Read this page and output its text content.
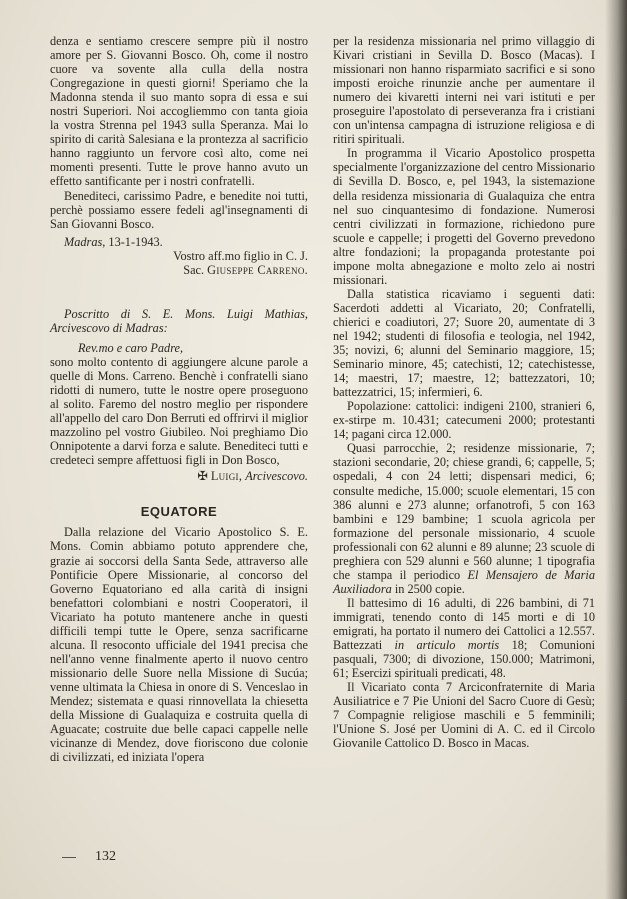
denza e sentiamo crescere sempre più il nostro amore per S. Giovanni Bosco. Oh, come il nostro cuore va sovente alla culla della nostra Congregazione in questi giorni! Speriamo che la Madonna stenda il suo manto sopra di essa e sui nostri Superiori. Noi accogliemmo con tanta gioia la vostra Strenna pel 1943 sulla Speranza. Mai lo spirito di carità Salesiana e la prontezza al sacrificio hanno raggiunto un fervore così alto, come nei momenti presenti. Tutte le prove hanno avuto un effetto santificante per i nostri confratelli.

Benediteci, carissimo Padre, e benedite noi tutti, perchè possiamo essere fedeli agl'insegnamenti di San Giovanni Bosco.

Madras, 13-1-1943.

Vostro aff.mo figlio in C. J.

Sac. Giuseppe Carreno.

Poscritto di S. E. Mons. Luigi Mathias, Arcivescovo di Madras:

Rev.mo e caro Padre,

sono molto contento di aggiungere alcune parole a quelle di Mons. Carreno. Benchè i confratelli siano ridotti di numero, tutte le nostre opere proseguono al solito. Faremo del nostro meglio per rispondere all'appello del caro Don Berruti ed offrirvi il miglior mazzolino pel vostro Giubileo. Noi preghiamo Dio Onnipotente a darvi forza e salute. Benediteci tutti e credeteci sempre affettuosi figli in Don Bosco,

✠ Luigi, Arcivescovo.

EQUATORE

Dalla relazione del Vicario Apostolico S. E. Mons. Comin abbiamo potuto apprendere che, grazie ai soccorsi della Santa Sede, attraverso alle Pontificie Opere Missionarie, al concorso del Governo Equatoriano ed alla carità di insigni benefattori colombiani e nostri Cooperatori, il Vicariato ha potuto mantenere anche in questi difficili tempi tutte le Opere, senza sacrificarne alcuna. Il resoconto ufficiale del 1941 precisa che nell'anno venne finalmente aperto il nuovo centro missionario delle Suore nella Missione di Sucúa; venne ultimata la Chiesa in onore di S. Venceslao in Mendez; sistemata e quasi rinnovellata la chiesetta della Missione di Gualaquiza e costruita quella di Aguacate; costruite due belle capaci cappelle nelle vicinanze di Mendez, dove fioriscono due colonie di civilizzati, ed iniziata l'opera

per la residenza missionaria nel primo villaggio di Kivari cristiani in Sevilla D. Bosco (Macas). I missionari non hanno risparmiato sacrifici e si sono imposti eroiche rinunzie anche per aumentare il numero dei kivaretti interni nei vari istituti e per proseguire l'apostolato di perseveranza fra i cristiani con un'intensa campagna di istruzione religiosa e di ritiri spirituali.

In programma il Vicario Apostolico prospetta specialmente l'organizzazione del centro Missionario di Sevilla D. Bosco, e, pel 1943, la sistemazione della residenza missionaria di Gualaquiza che entra nel suo cinquantesimo di fondazione. Numerosi centri civilizzati in formazione, richiedono pure scuole e cappelle; i progetti del Governo prevedono altre fondazioni; la propaganda protestante poi impone molta abnegazione e molto zelo ai nostri missionari.

Dalla statistica ricaviamo i seguenti dati: Sacerdoti addetti al Vicariato, 20; Confratelli, chierici e coadiutori, 27; Suore 20, aumentate di 3 nel 1942; studenti di filosofia e teologia, nel 1942, 35; novizi, 6; alunni del Seminario maggiore, 15; Seminario minore, 45; catechisti, 12; catechistesse, 14; maestri, 17; maestre, 12; battezzatori, 10; battezzatrici, 15; infermieri, 6.

Popolazione: cattolici: indigeni 2100, stranieri 6, ex-stirpe m. 10.431; catecumeni 2000; protestanti 14; pagani circa 12.000.

Quasi parrocchie, 2; residenze missionarie, 7; stazioni secondarie, 20; chiese grandi, 6; cappelle, 5; ospedali, 4 con 24 letti; dispensari medici, 6; consulte mediche, 15.000; scuole elementari, 15 con 386 alunni e 273 alunne; orfanotrofi, 5 con 163 bambini e 129 bambine; 1 scuola agricola per formazione del personale missionario, 4 scuole professionali con 62 alunni e 89 alunne; 23 scuole di preghiera con 529 alunni e 560 alunne; 1 tipografia che stampa il periodico El Mensajero de Maria Auxiliadora in 2500 copie.

Il battesimo di 16 adulti, di 226 bambini, di 71 immigrati, tenendo conto di 145 morti e di 10 emigrati, ha portato il numero dei Cattolici a 12.557. Battezzati in articulo mortis 18; Comunioni pasquali, 7300; di divozione, 150.000; Matrimoni, 61; Esercizi spirituali predicati, 48.

Il Vicariato conta 7 Arciconfraternite di Maria Ausiliatrice e 7 Pie Unioni del Sacro Cuore di Gesù; 7 Compagnie religiose maschili e 5 femminili; l'Unione S. José per Uomini di A. C. ed il Circolo Giovanile Cattolico D. Bosco in Macas.

132
